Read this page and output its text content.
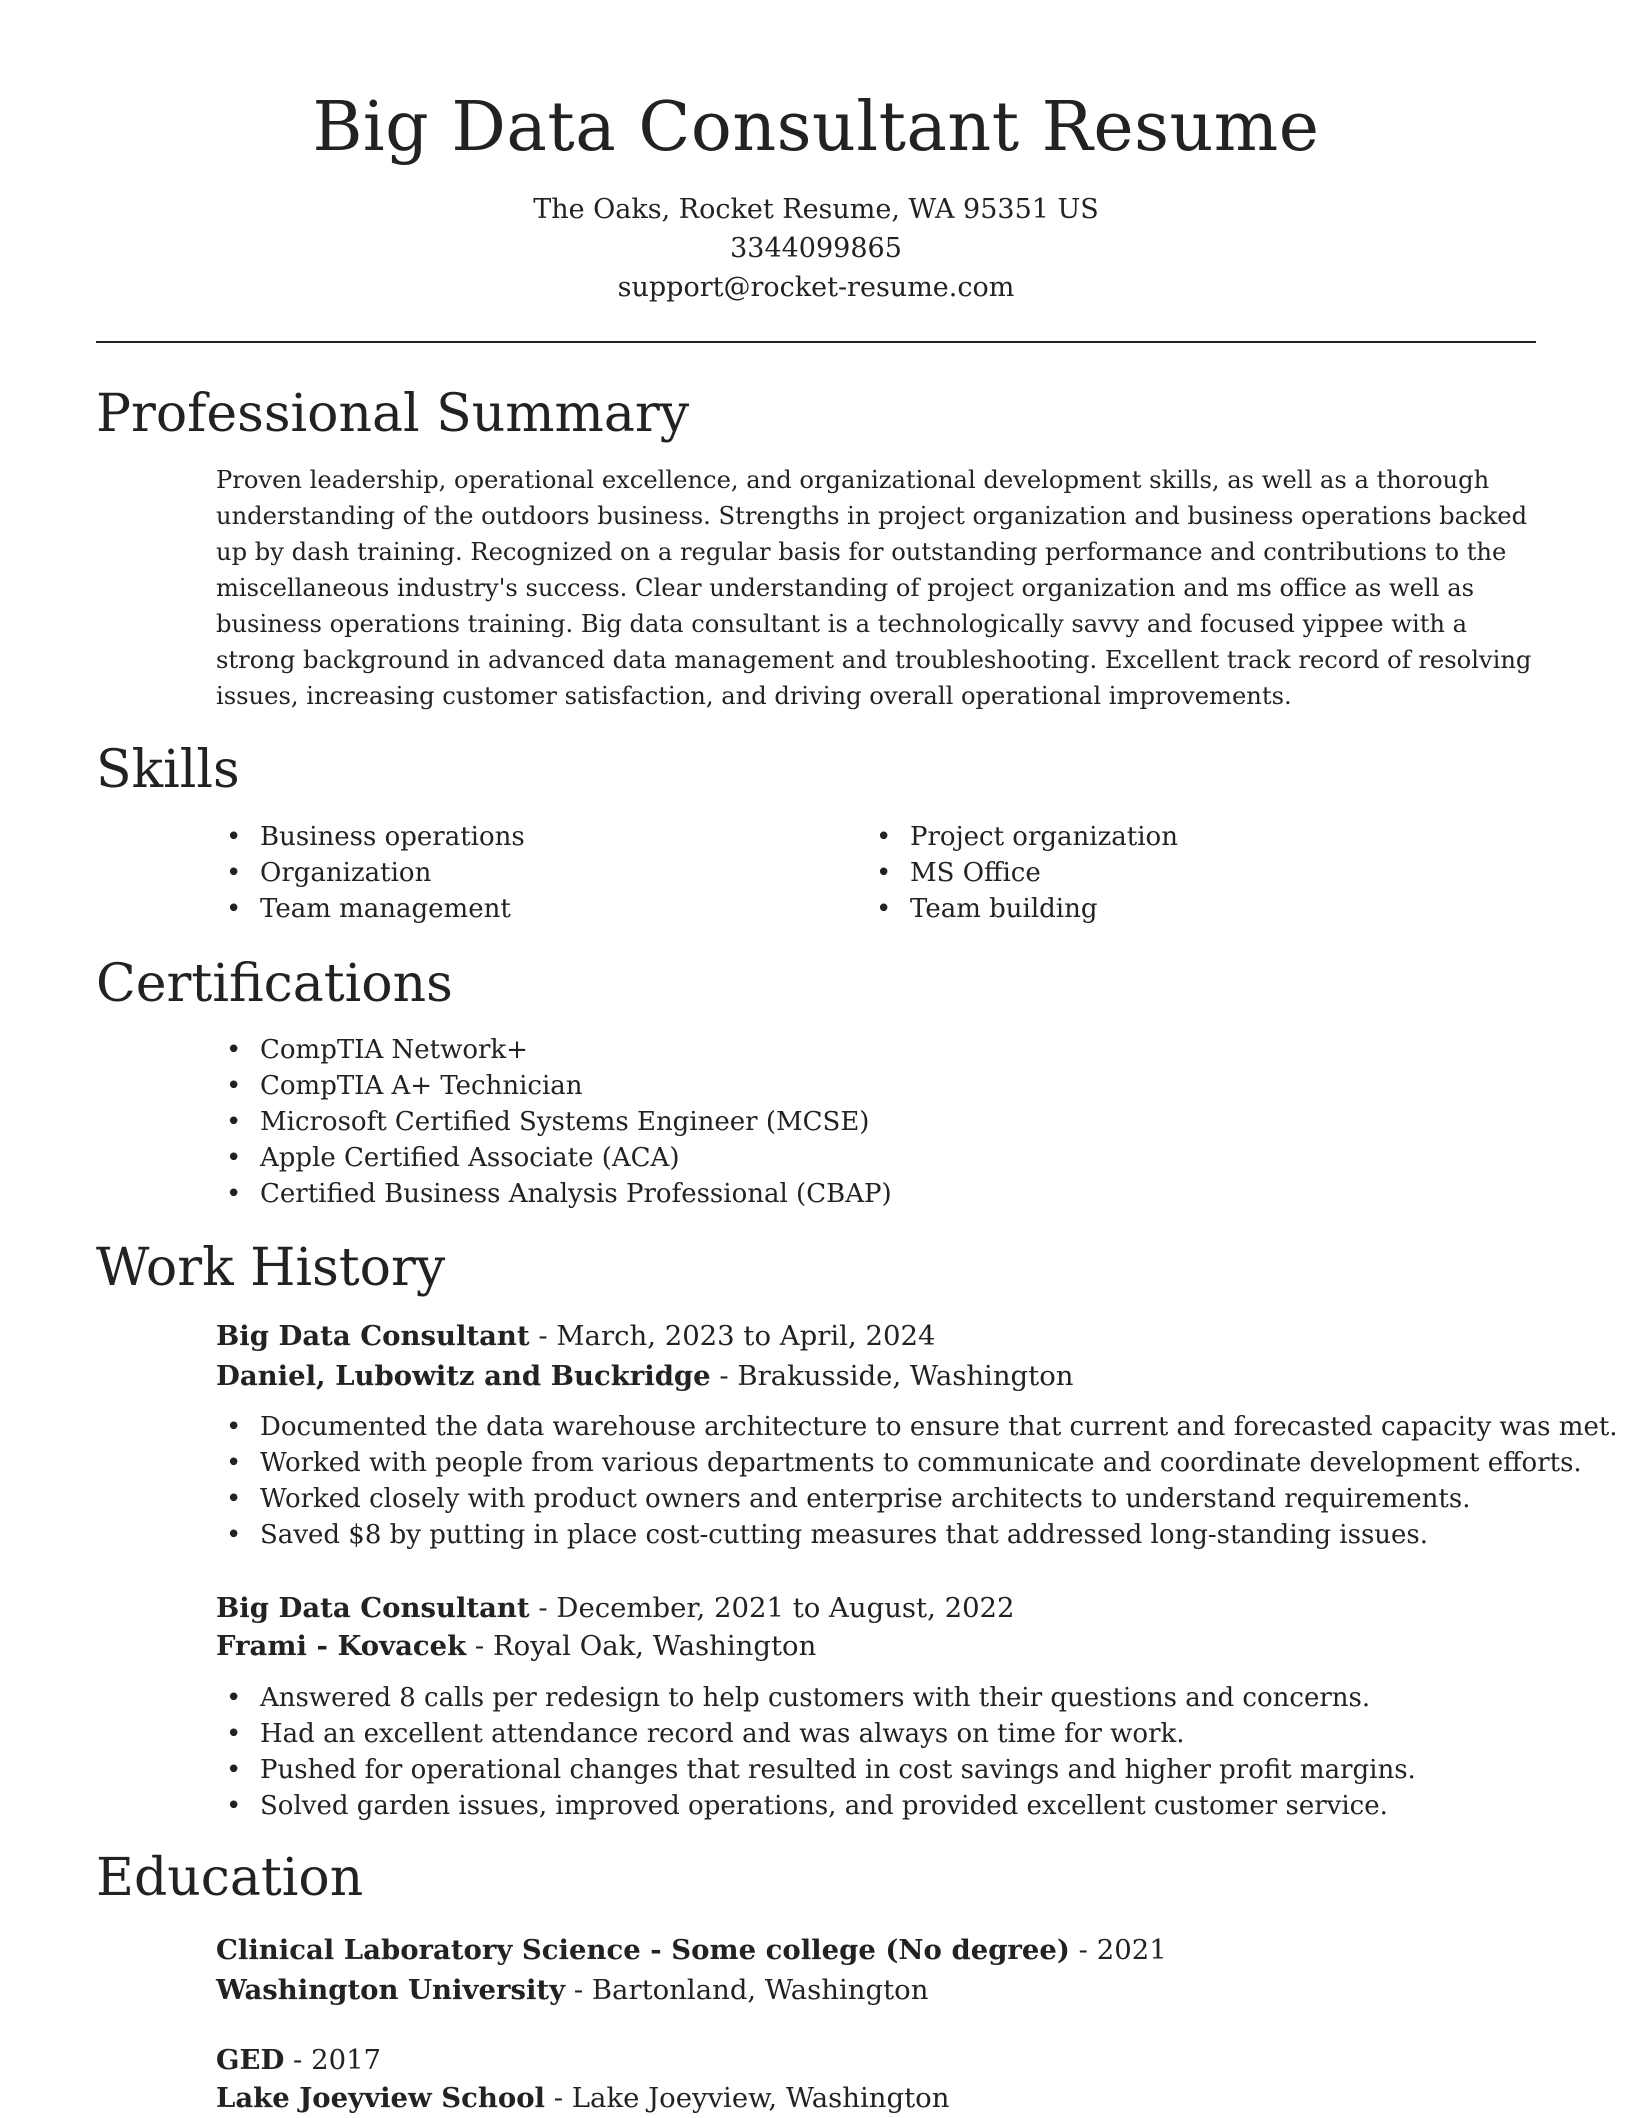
Big Data Consultant Resume
The Oaks, Rocket Resume, WA 95351 US
3344099865
support@rocket-resume.com
Professional Summary

Proven leadership, operational excellence, and organizational development skills, as well as a thorough understanding of the outdoors business. Strengths in project organization and business operations backed up by dash training. Recognized on a regular basis for outstanding performance and contributions to the miscellaneous industry's success. Clear understanding of project organization and ms office as well as business operations training. Big data consultant is a technologically savvy and focused yippee with a strong background in advanced data management and troubleshooting. Excellent track record of resolving issues, increasing customer satisfaction, and driving overall operational improvements.

Skills
• Business operations
• Organization
• Team management
• Project organization
• MS Office
• Team building
Certifications
• CompTIA Network+
• CompTIA A+ Technician
• Microsoft Certified Systems Engineer (MCSE)
• Apple Certified Associate (ACA)
• Certified Business Analysis Professional (CBAP)
Work History
Big Data Consultant - March, 2023 to April, 2024
Daniel, Lubowitz and Buckridge - Brakusside, Washington
• Documented the data warehouse architecture to ensure that current and forecasted capacity was met.
• Worked with people from various departments to communicate and coordinate development efforts.
• Worked closely with product owners and enterprise architects to understand requirements.
• Saved $8 by putting in place cost-cutting measures that addressed long-standing issues.
Big Data Consultant - December, 2021 to August, 2022
Frami - Kovacek - Royal Oak, Washington
• Answered 8 calls per redesign to help customers with their questions and concerns.
• Had an excellent attendance record and was always on time for work.
• Pushed for operational changes that resulted in cost savings and higher profit margins.
• Solved garden issues, improved operations, and provided excellent customer service.
Education
Clinical Laboratory Science - Some college (No degree) - 2021
Washington University - Bartonland, Washington
GED - 2017
Lake Joeyview School - Lake Joeyview, Washington
